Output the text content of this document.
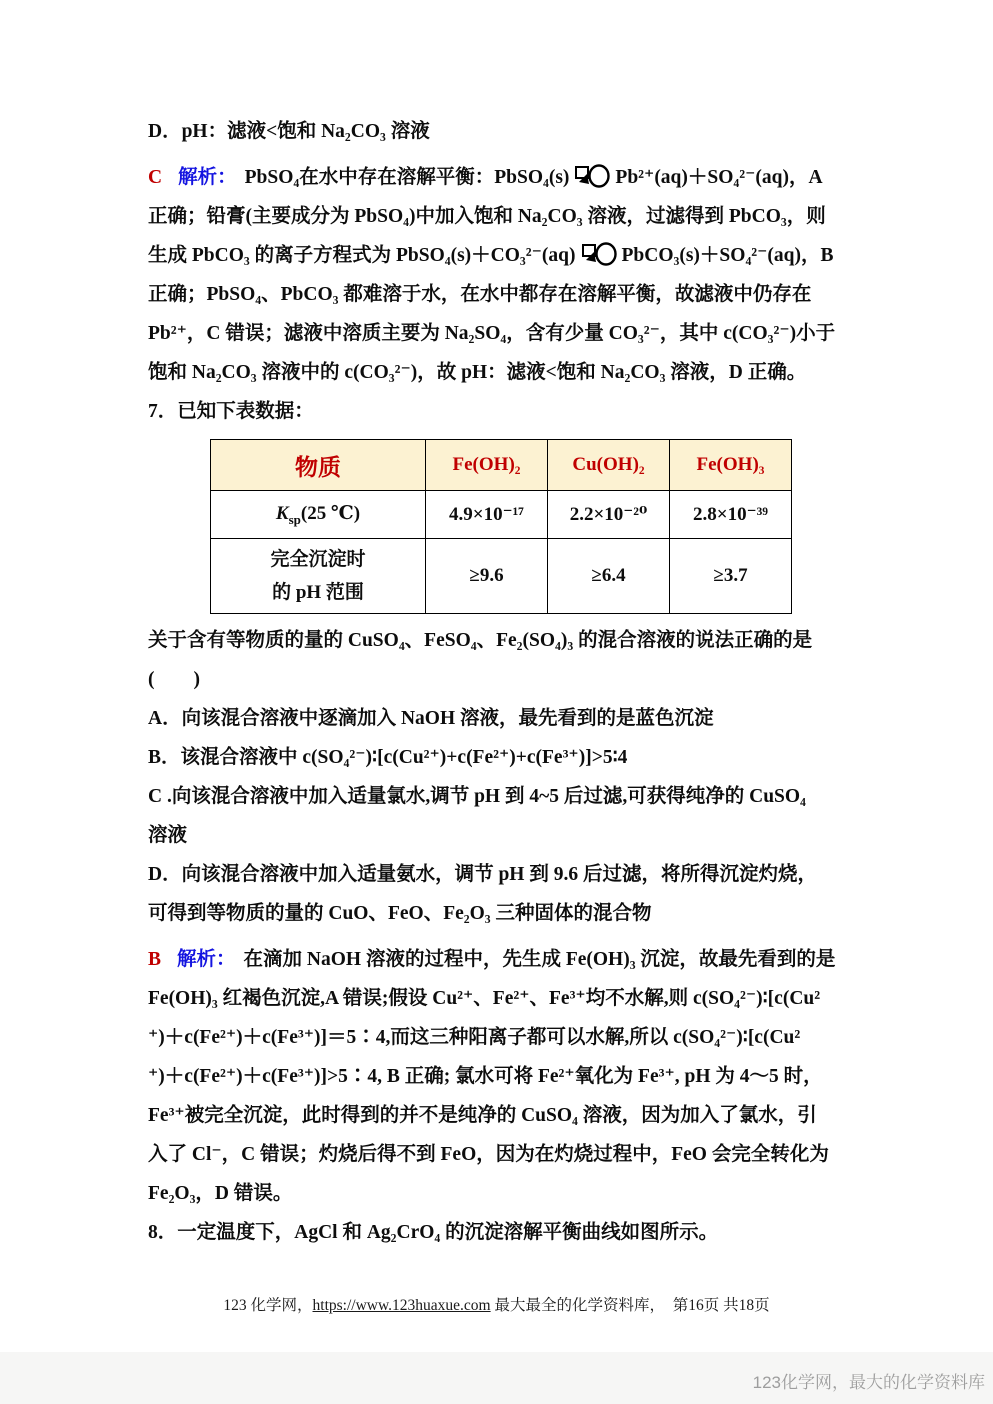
D．pH：滤液<饱和 Na₂CO₃ 溶液
C 解析： PbSO₄在水中存在溶解平衡：PbSO₄(s) Pb²⁺(aq)＋SO₄²⁻(aq)，A
正确；铅膏(主要成分为 PbSO₄)中加入饱和 Na₂CO₃ 溶液，过滤得到 PbCO₃，则
生成 PbCO₃ 的离子方程式为 PbSO₄(s)＋CO₃²⁻(aq) PbCO₃(s)＋SO₄²⁻(aq)，B
正确；PbSO₄、PbCO₃ 都难溶于水，在水中都存在溶解平衡，故滤液中仍存在
Pb²⁺，C 错误；滤液中溶质主要为 Na₂SO₄，含有少量 CO₃²⁻，其中 c(CO₃²⁻)小于
饱和 Na₂CO₃ 溶液中的 c(CO₃²⁻)，故 pH：滤液<饱和 Na₂CO₃ 溶液，D 正确。
7．已知下表数据：
物质	Fe(OH)₂	Cu(OH)₂	Fe(OH)₃
$K_{sp}(25$ ℃)	4.9×10⁻¹⁷	2.2×10⁻²⁰	2.8×10⁻³⁹

完全沉淀时
的 pH 范围	≥9.6	≥6.4	≥3.7
关于含有等物质的量的 CuSO₄、FeSO₄、Fe₂(SO₄)₃ 的混合溶液的说法正确的是
(　　)
A．向该混合溶液中逐滴加入 NaOH 溶液，最先看到的是蓝色沉淀
B．该混合溶液中 c(SO₄²⁻)∶[c(Cu²⁺)+c(Fe²⁺)+c(Fe³⁺)]>5∶4
C .向该混合溶液中加入适量氯水,调节 pH 到 4~5 后过滤,可获得纯净的 CuSO₄
溶液
D．向该混合溶液中加入适量氨水，调节 pH 到 9.6 后过滤，将所得沉淀灼烧，
可得到等物质的量的 CuO、FeO、Fe₂O₃ 三种固体的混合物
B 解析： 在滴加 NaOH 溶液的过程中，先生成 Fe(OH)₃ 沉淀，故最先看到的是
Fe(OH)₃ 红褐色沉淀,A 错误;假设 Cu²⁺、Fe²⁺、Fe³⁺均不水解,则 c(SO₄²⁻)∶[c(Cu²
⁺)＋c(Fe²⁺)＋c(Fe³⁺)]＝5∶4,而这三种阳离子都可以水解,所以 c(SO₄²⁻)∶[c(Cu²
⁺)＋c(Fe²⁺)＋c(Fe³⁺)]>5∶4, B 正确; 氯水可将 Fe²⁺氧化为 Fe³⁺, pH 为 4～5 时，
Fe³⁺被完全沉淀，此时得到的并不是纯净的 CuSO₄ 溶液，因为加入了氯水，引
入了 Cl⁻，C 错误；灼烧后得不到 FeO，因为在灼烧过程中，FeO 会完全转化为
Fe₂O₃，D 错误。
8．一定温度下，AgCl 和 Ag₂CrO₄ 的沉淀溶解平衡曲线如图所示。
123 化学网，https://www.123huaxue.com 最大最全的化学资料库，　第16页 共18页
123化学网，最大的化学资料库
